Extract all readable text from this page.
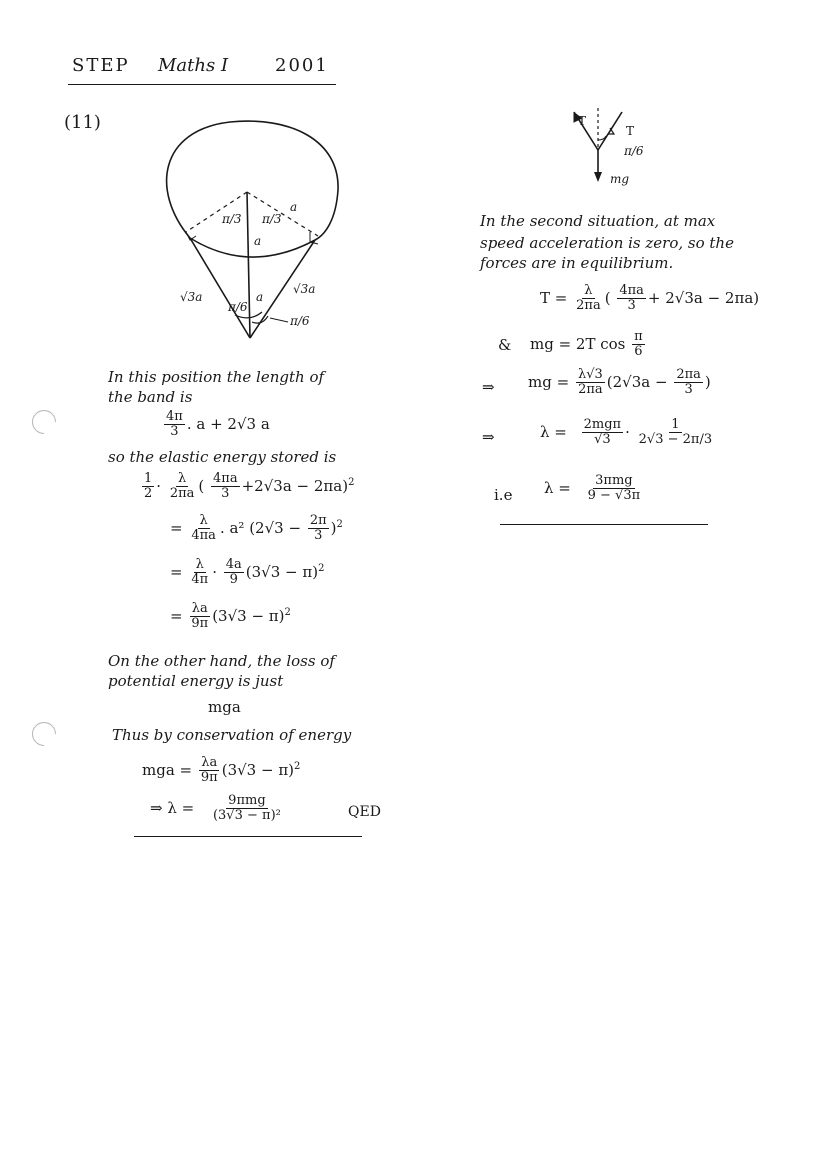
STEP Maths I	2001
(11)
π/3 π/3
a
a
a
√3a
√3a
π/6
π/6
In this position the length of
the band is
$\frac{4\pi}{3}$ . a + 2√3 a
so the elastic energy stored is
$\frac{1}{2} \cdot \frac{\lambda}{2\pi a}$ ( $\frac{4\pi a}{3} +2√3a - 2\pi a)^2$
= $\frac{\lambda}{4\pi a}$ . a² $(2√3 - \frac{2\pi}{3} )^2$
= $\frac{\lambda}{4\pi} \cdot \frac{4a}{9} (3√3 - \pi)^2$
= $\frac{\lambda a}{9\pi} (3√3 - \pi)^2$
On the other hand, the loss of
potential energy is just
mga
Thus by conservation of energy
mga = $\frac{\lambda a}{9\pi} (3√3 - \pi)^2$
⇒ $\lambda = \frac{\text{9πmg}}{\text{(3√3 − π)²}}$	QED
T
T
π/6
mg
In the second situation, at max
speed acceleration is zero, so the
forces are in equilibrium.
$T = \frac{\lambda}{2\pi a}$ ( $\frac{4\pi a}{3} + 2√3a - 2\pi a$)
& mg = 2T $\cos \frac{\pi}{6}$
⇒ mg = $\frac{\lambda√3}{2\pi a} (2√3a - \frac{2\pi a}{3}$ )
⇒	$\lambda = \frac{\text{2mgπ}}{√3} \cdot \frac{1}{2√3 - 2\pi/3}$
i.e $\lambda = \frac{\text{3πmg}}{9 - √3\pi}$
